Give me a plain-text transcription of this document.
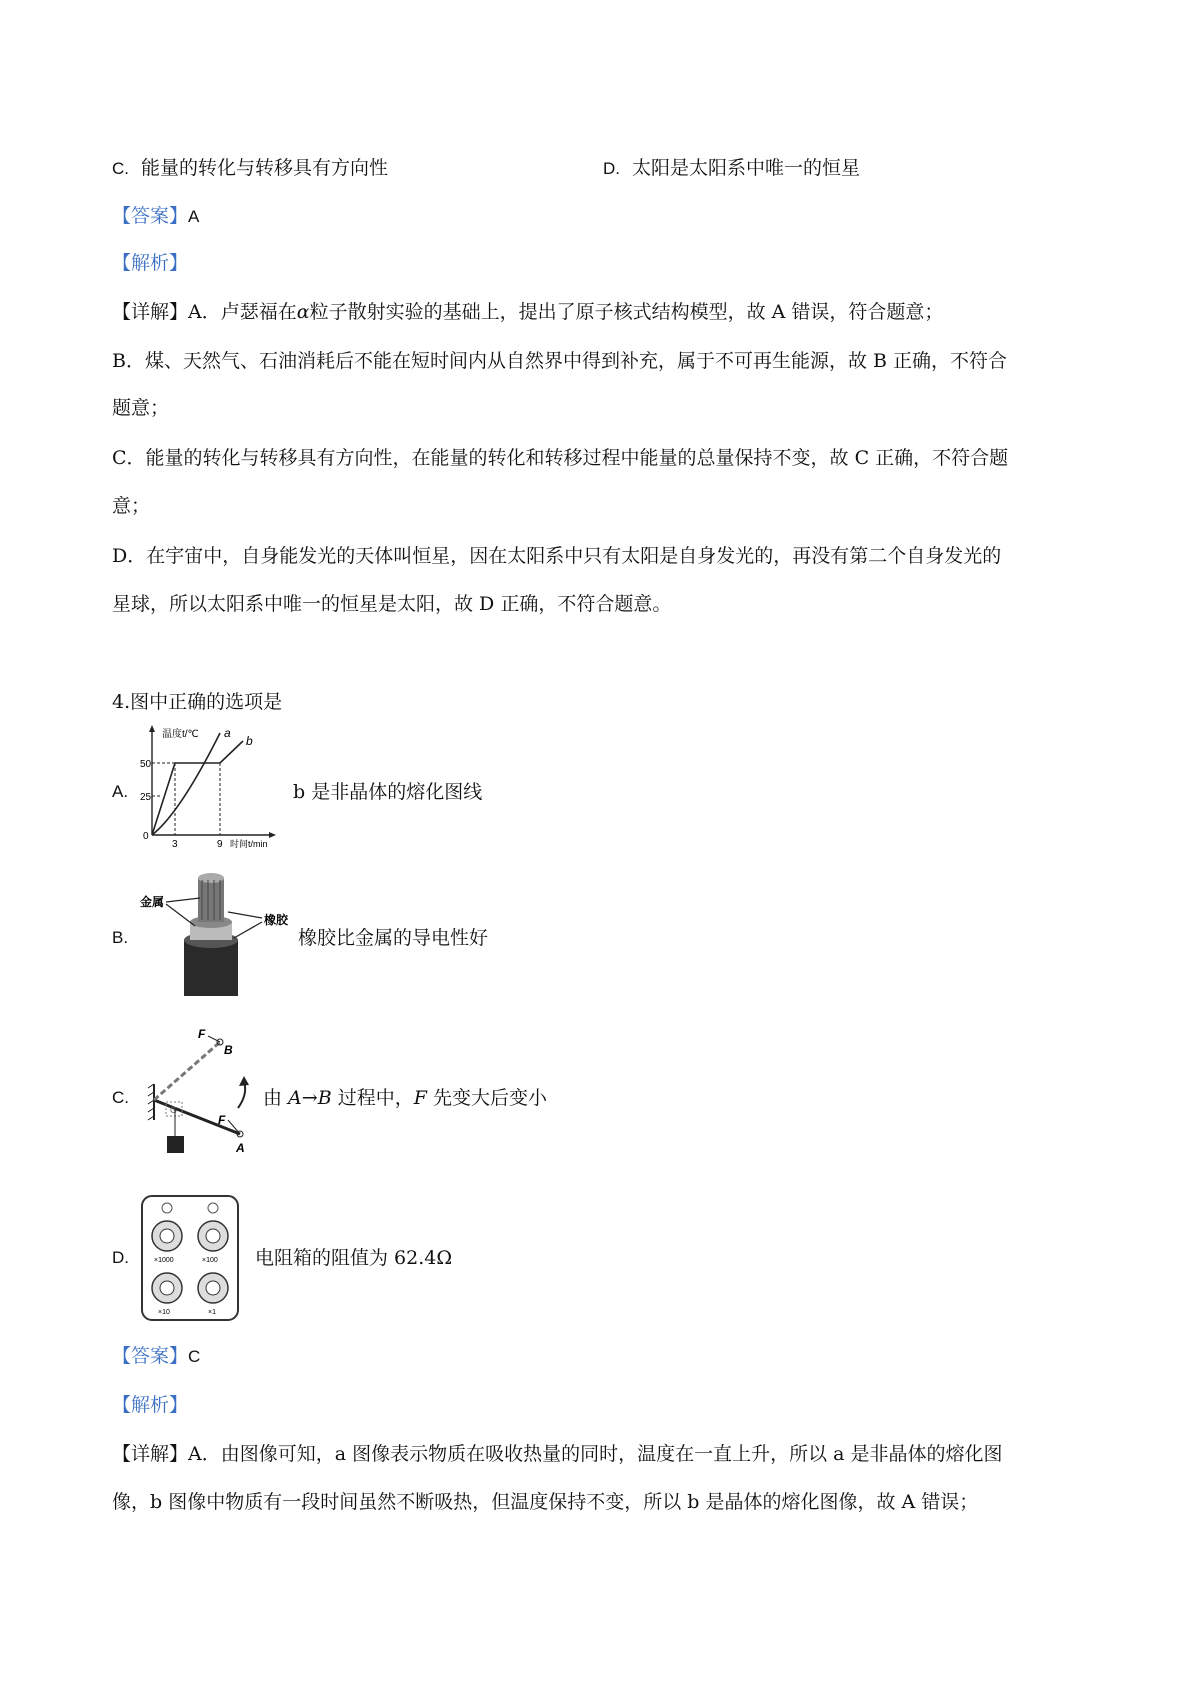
C. 能量的转化与转移具有方向性	D. 太阳是太阳系中唯一的恒星
【答案】A
【解析】
【详解】A．卢瑟福在α粒子散射实验的基础上，提出了原子核式结构模型，故 A 错误，符合题意；
B．煤、天然气、石油消耗后不能在短时间内从自然界中得到补充，属于不可再生能源，故 B 正确，不符合
题意；
C．能量的转化与转移具有方向性，在能量的转化和转移过程中能量的总量保持不变，故 C 正确，不符合题
意；
D．在宇宙中，自身能发光的天体叫恒星，因在太阳系中只有太阳是自身发光的，再没有第二个自身发光的
星球，所以太阳系中唯一的恒星是太阳，故 D 正确，不符合题意。
4.图中正确的选项是
A.
温度t/℃
50
25
0
a
b
3	9 时间t/min
b 是非晶体的熔化图线
B.
金属
橡胶
橡胶比金属的导电性好
C.
G
F
B
F
A
由 A→B 过程中，F 先变大后变小
D.	×1000	×100
×10	×1
电阻箱的阻值为 62.4Ω
【答案】C
【解析】
【详解】A．由图像可知，a 图像表示物质在吸收热量的同时，温度在一直上升，所以 a 是非晶体的熔化图
像，b 图像中物质有一段时间虽然不断吸热，但温度保持不变，所以 b 是晶体的熔化图像，故 A 错误；
